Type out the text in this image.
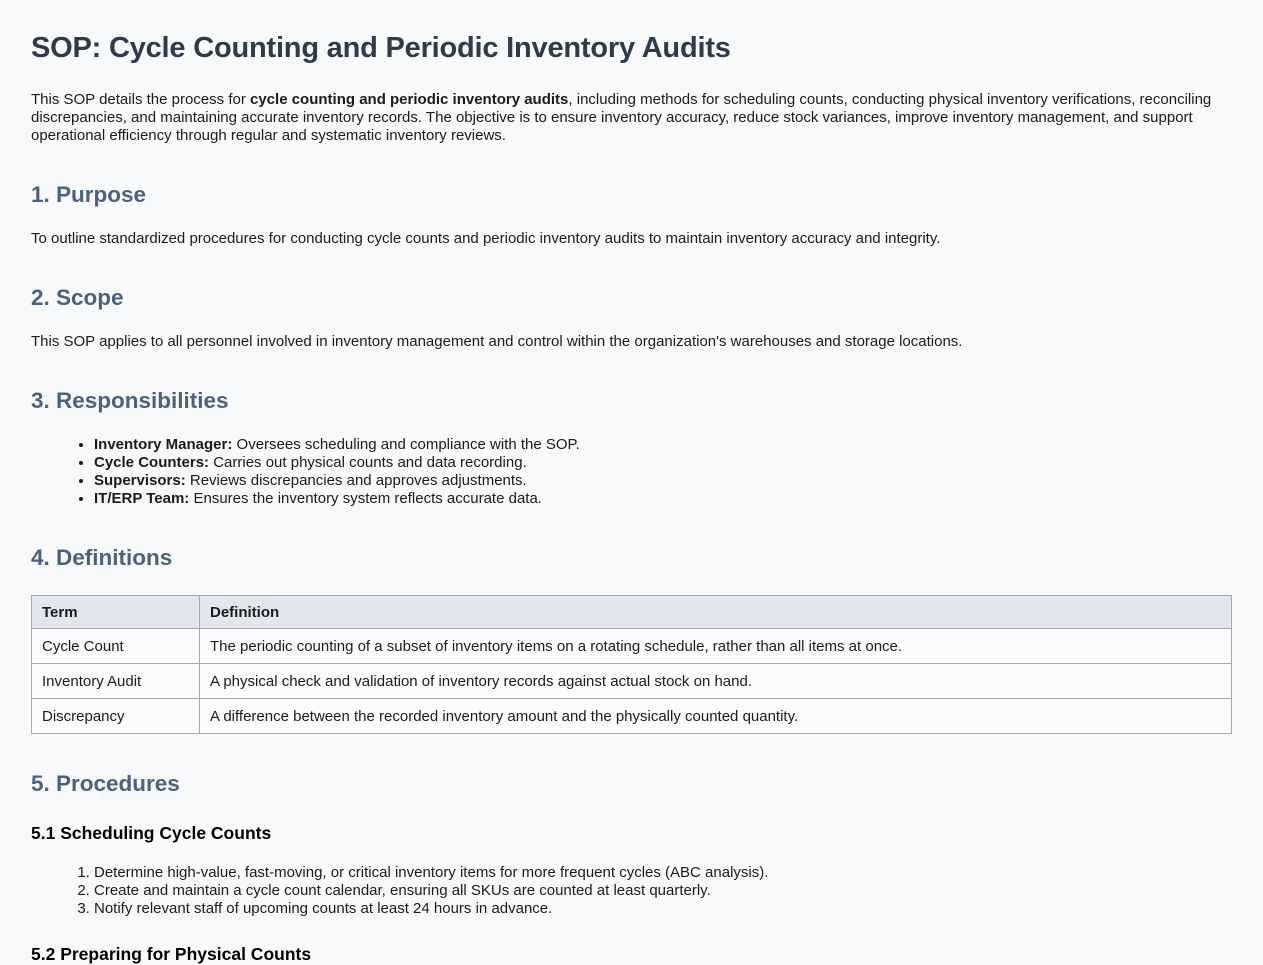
SOP: Cycle Counting and Periodic Inventory Audits

This SOP details the process for cycle counting and periodic inventory audits, including methods for scheduling counts, conducting physical inventory verifications, reconciling discrepancies, and maintaining accurate inventory records. The objective is to ensure inventory accuracy, reduce stock variances, improve inventory management, and support operational efficiency through regular and systematic inventory reviews.

1. Purpose

To outline standardized procedures for conducting cycle counts and periodic inventory audits to maintain inventory accuracy and integrity.

2. Scope

This SOP applies to all personnel involved in inventory management and control within the organization's warehouses and storage locations.

3. Responsibilities
• Inventory Manager: Oversees scheduling and compliance with the SOP.
• Cycle Counters: Carries out physical counts and data recording.
• Supervisors: Reviews discrepancies and approves adjustments.
• IT/ERP Team: Ensures the inventory system reflects accurate data.
4. Definitions
Term	Definition
Cycle Count	The periodic counting of a subset of inventory items on a rotating schedule, rather than all items at once.
Inventory Audit	A physical check and validation of inventory records against actual stock on hand.
Discrepancy	A difference between the recorded inventory amount and the physically counted quantity.
5. Procedures
5.1 Scheduling Cycle Counts
1. Determine high-value, fast-moving, or critical inventory items for more frequent cycles (ABC analysis).
2. Create and maintain a cycle count calendar, ensuring all SKUs are counted at least quarterly.
3. Notify relevant staff of upcoming counts at least 24 hours in advance.
5.2 Preparing for Physical Counts
